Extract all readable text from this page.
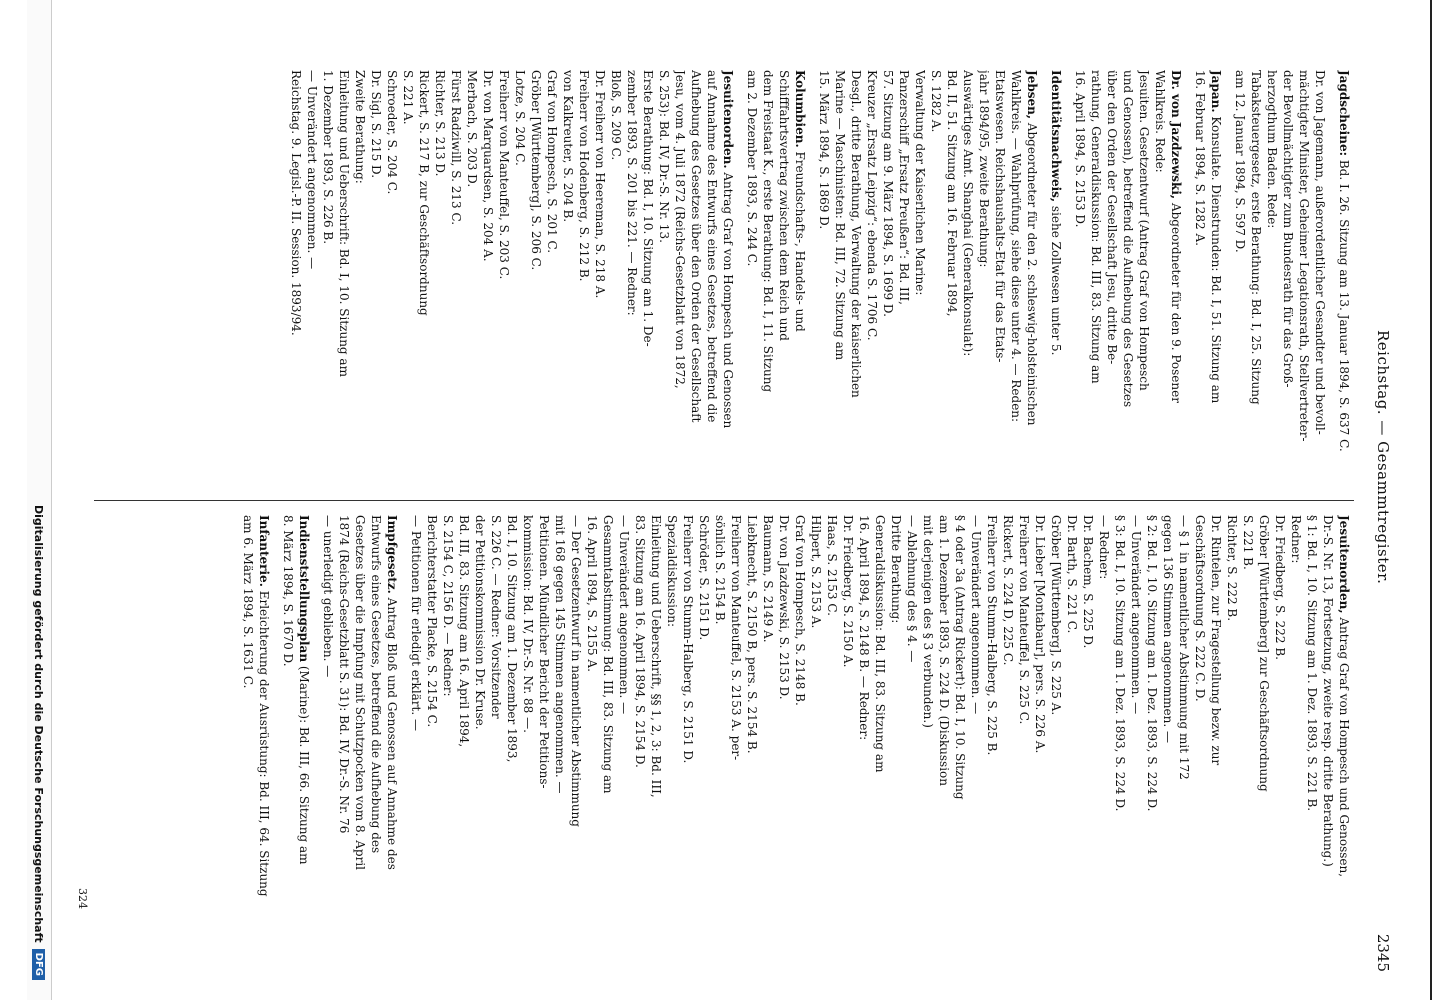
Reichstag. — Gesammtregister.
2345
Jagdscheine: Bd. I. 26. Sitzung am 13. Januar 1894, S. 637 C.

Dr. von Jagemann, außerordentlicher Gesandter und bevoll-

mächtigter Minister, Geheimer Legationsrath, Stellvertreter-

der Bevollmächtigter zum Bundesrath für das Groß-

herzogthum Baden. Rede:

Tabaksteuergesetz, erste Berathung: Bd. I, 25. Sitzung

am 12. Januar 1894, S. 597 D.

Japan. Konsulate. Dienstrunden: Bd. I, 51. Sitzung am

16. Februar 1894, S. 1282 A.

Dr. von Jazdzewski, Abgeordneter für den 9. Posener

Wahlkreis. Rede:

Jesuiten. Gesetzentwurf (Antrag Graf von Hompesch

und Genossen), betreffend die Aufhebung des Gesetzes

über den Orden der Gesellschaft Jesu, dritte Be-

rathung, Generaldiskussion: Bd. III, 83. Sitzung am

16. April 1894, S. 2153 D.

Identitätsnachweis, siehe Zollwesen unter 5.
Jebsen, Abgeordneter für den 2. schleswig-holsteinischen

Wahlkreis. — Wahlprüfung, siehe diese unter 4. — Reden:

Etatswesen. Reichshaushalts-Etat für das Etats-

jahr 1894/95, zweite Berathung:

Auswärtiges Amt. Shanghai (Generalkonsulat):

Bd. II, 51. Sitzung am 16. Februar 1894,

S. 1282 A.

Verwaltung der Kaiserlichen Marine:

Panzerschiff „Ersatz Preußen“: Bd. III,

57. Sitzung am 9. März 1894, S. 1699 D.

Kreuzer „Ersatz Leipzig“: ebenda S. 1706 C.

Desgl., dritte Berathung, Verwaltung der kaiserlichen

Marine — Maschinisten: Bd. III, 72. Sitzung am

15. März 1894, S. 1869 D.

Kolumbien. Freundschafts-, Handels- und

Schifffahrtsvertrag zwischen dem Reich und

dem Freistaat K., erste Berathung: Bd. I, 11. Sitzung

am 2. Dezember 1893, S. 244 C.

Jesuitenorden. Antrag Graf von Hompesch und Genossen

auf Annahme des Entwurfs eines Gesetzes, betreffend die

Aufhebung des Gesetzes über den Orden der Gesellschaft

Jesu, vom 4. Juli 1872 (Reichs-Gesetzblatt von 1872,

S. 253): Bd. IV, Dr.-S. Nr. 13.

Erste Berathung: Bd. I, 10. Sitzung am 1. De-

zember 1893, S. 201 bis 221. — Redner:

Bloß, S. 209 C.

Dr. Freiherr von Heereman, S. 218 A.

Freiherr von Hodenberg, S. 212 B.

von Kalkreuter, S. 204 B.

Graf von Hompesch, S. 201 C.

Gröber [Württemberg], S. 206 C.

Lotze, S. 204 C.

Freiherr von Manteuffel, S. 203 C.

Dr. von Marquardsen, S. 204 A.

Merbach, S. 203 D.

Fürst Radziwill, S. 213 C.

Richter, S. 213 D.

Rickert, S. 217 B, zur Geschäftsordnung

S. 221 A.

Schroeder, S. 204 C.

Dr. Sigl, S. 215 D.

Zweite Berathung:

Einleitung und Ueberschrift: Bd. I, 10. Sitzung am

1. Dezember 1893, S. 226 B.

— Unverändert angenommen. —

Reichstag. 9. Legisl.-P. II. Session. 1893/94.

Jesuitenorden, Antrag Graf von Hompesch und Genossen,

Dr.-S. Nr. 13, Fortsetzung, zweite resp. dritte Berathung.)

§ 1: Bd. I, 10. Sitzung am 1. Dez. 1893, S. 221 B.

Redner:

Dr. Friedberg, S. 222 B.

Gröber [Württemberg] zur Geschäftsordnung

S. 221 B.

Richter, S. 222 B.

Dr. Rintelen, zur Fragestellung bezw. zur

Geschäftsordnung S. 222 C. D.

— § 1 in namentlicher Abstimmung mit 172

gegen 136 Stimmen angenommen. —

§ 2: Bd. I, 10. Sitzung am 1. Dez. 1893, S. 224 D.

— Unverändert angenommen. —

§ 3: Bd. I, 10. Sitzung am 1. Dez. 1893, S. 224 D.

— Redner:

Dr. Bachem, S. 225 D.

Dr. Barth, S. 221 C.

Gröber [Württemberg], S. 225 A.

Dr. Lieber [Montabaur], pers. S. 226 A.

Freiherr von Manteuffel, S. 225 C.

Rickert, S. 224 D, 225 C.

Freiherr von Stumm-Halberg, S. 225 B.

— Unverändert angenommen. —

§ 4 oder 3a (Antrag Rickert): Bd. I, 10. Sitzung

am 1. Dezember 1893, S. 224 D. (Diskussion

mit derjenigen des § 3 verbunden.)

— Ablehnung des § 4. —

Dritte Berathung:

Generaldiskussion: Bd. III, 83. Sitzung am

16. April 1894, S. 2148 B. — Redner:

Dr. Friedberg, S. 2150 A.

Haas, S. 2153 C.

Hilpert, S. 2153 A.

Graf von Hompesch, S. 2148 B.

Dr. von Jazdzewski, S. 2153 D.

Baumann, S. 2149 A.

Liebknecht, S. 2150 B, pers. S. 2154 B.

Freiherr von Manteuffel, S. 2153 A. per-

sönlich S. 2154 B.

Schröder, S. 2151 D.

Freiherr von Stumm-Halberg, S. 2151 D.

Spezialdiskussion:

Einleitung und Ueberschrift, §§ 1, 2, 3: Bd. III,

83. Sitzung am 16. April 1894, S. 2154 D.

— Unverändert angenommen. —

Gesammtabstimmung: Bd. III, 83. Sitzung am

16. April 1894, S. 2155 A.

— Der Gesetzentwurf in namentlicher Abstimmung

mit 168 gegen 145 Stimmen angenommen. —

Petitionen. Mündlicher Bericht der Petitions-

kommission: Bd. IV, Dr.-S. Nr. 88 —.

Bd. I, 10. Sitzung am 1. Dezember 1893,

S. 226 C. — Redner: Vorsitzender

der Petitionskommission Dr. Kruse.

Bd. III, 83. Sitzung am 16. April 1894,

S. 2154 C, 2156 D. — Redner:

Berichterstatter Placke, S. 2154 C.

— Petitionen für erledigt erklärt. —

Impfgesetz. Antrag Bloß und Genossen auf Annahme des

Entwurfs eines Gesetzes, betreffend die Aufhebung des

Gesetzes über die Impfung mit Schutzpocken vom 8. April

1874 (Reichs-Gesetzblatt S. 31): Bd. IV, Dr.-S. Nr. 76

— unerledigt geblieben. —

Indienststellungsplan (Marine): Bd. III, 66. Sitzung am

8. März 1894, S. 1670 D.

Infanterie. Erleichterung der Ausrüstung: Bd. III, 64. Sitzung

am 6. März 1894, S. 1631 C.

324
Digitalisierung gefördert durch die Deutsche Forschungsgemeinschaft
DFG
